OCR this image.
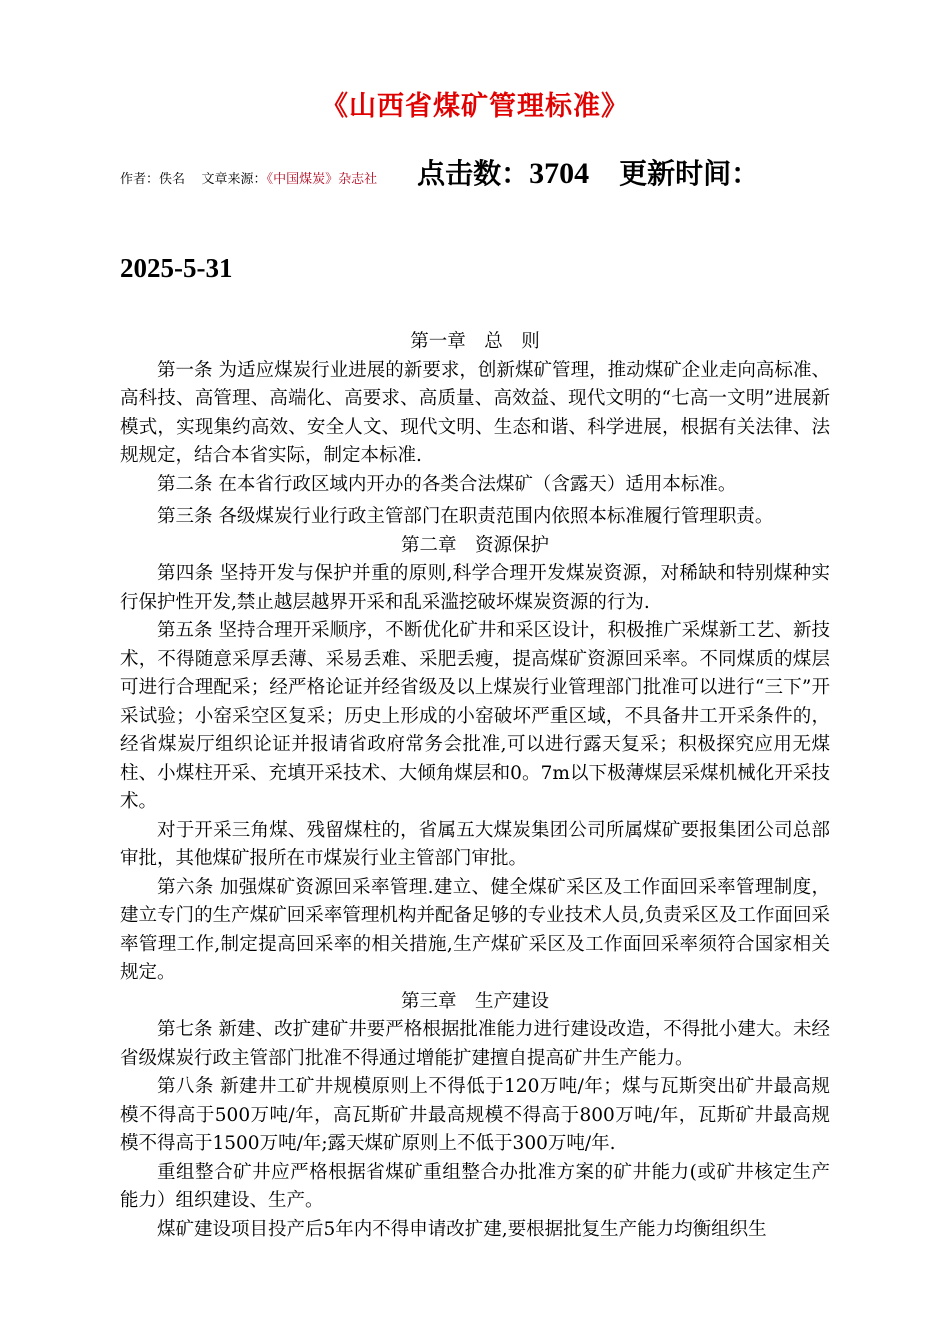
《山西省煤矿管理标准》
作者：佚名 文章来源：《中国煤炭》杂志社 点击数：3704 更新时间：
2025-5-31

第一章　总　则

第一条 为适应煤炭行业进展的新要求，创新煤矿管理，推动煤矿企业走向高标准、高科技、高管理、高端化、高要求、高质量、高效益、现代文明的“七高一文明”进展新模式，实现集约高效、安全人文、现代文明、生态和谐、科学进展，根据有关法律、法规规定，结合本省实际，制定本标准.

第二条 在本省行政区域内开办的各类合法煤矿（含露天）适用本标准。

第三条 各级煤炭行业行政主管部门在职责范围内依照本标准履行管理职责。

第二章　资源保护

第四条 坚持开发与保护并重的原则,科学合理开发煤炭资源，对稀缺和特别煤种实行保护性开发,禁止越层越界开采和乱采滥挖破坏煤炭资源的行为.

第五条 坚持合理开采顺序，不断优化矿井和采区设计，积极推广采煤新工艺、新技术，不得随意采厚丢薄、采易丢难、采肥丢瘦，提高煤矿资源回采率。不同煤质的煤层可进行合理配采；经严格论证并经省级及以上煤炭行业管理部门批准可以进行“三下”开采试验；小窑采空区复采；历史上形成的小窑破坏严重区域，不具备井工开采条件的，经省煤炭厅组织论证并报请省政府常务会批准,可以进行露天复采；积极探究应用无煤柱、小煤柱开采、充填开采技术、大倾角煤层和0。7m以下极薄煤层采煤机械化开采技术。

对于开采三角煤、残留煤柱的，省属五大煤炭集团公司所属煤矿要报集团公司总部审批，其他煤矿报所在市煤炭行业主管部门审批。

第六条 加强煤矿资源回采率管理.建立、健全煤矿采区及工作面回采率管理制度，建立专门的生产煤矿回采率管理机构并配备足够的专业技术人员,负责采区及工作面回采率管理工作,制定提高回采率的相关措施,生产煤矿采区及工作面回采率须符合国家相关规定。

第三章　生产建设

第七条 新建、改扩建矿井要严格根据批准能力进行建设改造，不得批小建大。未经省级煤炭行政主管部门批准不得通过增能扩建擅自提高矿井生产能力。

第八条 新建井工矿井规模原则上不得低于120万吨/年；煤与瓦斯突出矿井最高规模不得高于500万吨/年，高瓦斯矿井最高规模不得高于800万吨/年，瓦斯矿井最高规模不得高于1500万吨/年;露天煤矿原则上不低于300万吨/年.

重组整合矿井应严格根据省煤矿重组整合办批准方案的矿井能力(或矿井核定生产能力）组织建设、生产。

煤矿建设项目投产后5年内不得申请改扩建,要根据批复生产能力均衡组织生
